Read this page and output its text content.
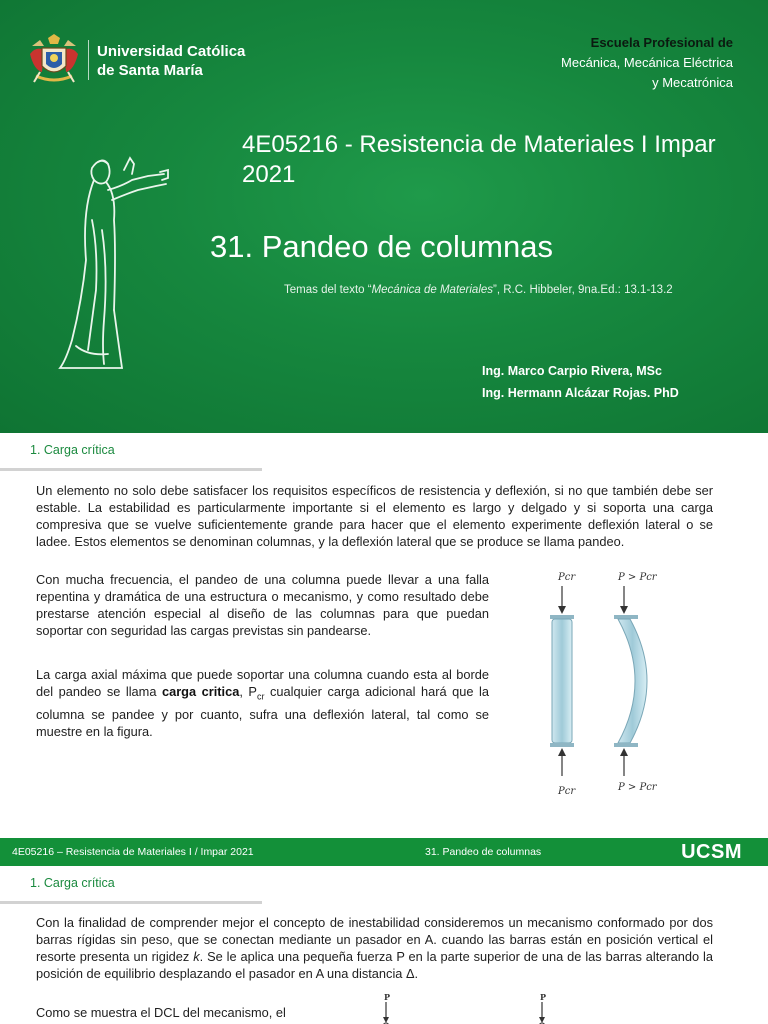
Universidad Católica
de Santa María
Escuela Profesional de
Mecánica, Mecánica Eléctrica
y Mecatrónica
4E05216 - Resistencia de Materiales I Impar 2021
31. Pandeo de columnas
Temas del texto “Mecánica de Materiales”, R.C. Hibbeler, 9na.Ed.: 13.1-13.2
Ing. Marco Carpio Rivera, MSc
Ing. Hermann Alcázar Rojas. PhD
1. Carga crítica

Un elemento no solo debe satisfacer los requisitos específicos de resistencia y deflexión, si no que también debe ser estable. La estabilidad es particularmente importante si el elemento es largo y delgado y si soporta una carga compresiva que se vuelve suficientemente grande para hacer que el elemento experimente deflexión lateral o se ladee. Estos elementos se denominan columnas, y la deflexión lateral que se produce se llama pandeo.

Con mucha frecuencia, el pandeo de una columna puede llevar a una falla repentina y dramática de una estructura o mecanismo, y como resultado debe prestarse atención especial al diseño de las columnas para que puedan soportar con seguridad las cargas previstas sin pandearse.

La carga axial máxima que puede soportar una columna cuando esta al borde del pandeo se llama carga critica, $P_{cr}$ cualquier carga adicional hará que la columna se pandee y por cuanto, sufra una deflexión lateral, tal como se muestre en la figura.

Pcr	P > Pcr
Pcr	P > Pcr
4E05216 – Resistencia de Materiales I / Impar 2021	31. Pandeo de columnas	UCSM
1. Carga crítica

Con la finalidad de comprender mejor el concepto de inestabilidad consideremos un mecanismo conformado por dos barras rígidas sin peso, que se conectan mediante un pasador en A. cuando las barras están en posición vertical el resorte presenta un rigidez k. Se le aplica una pequeña fuerza P en la parte superior de una de las barras alterando la posición de equilibrio desplazando el pasador en A una distancia Δ.

Como se muestra el DCL del mecanismo, el

P	P
